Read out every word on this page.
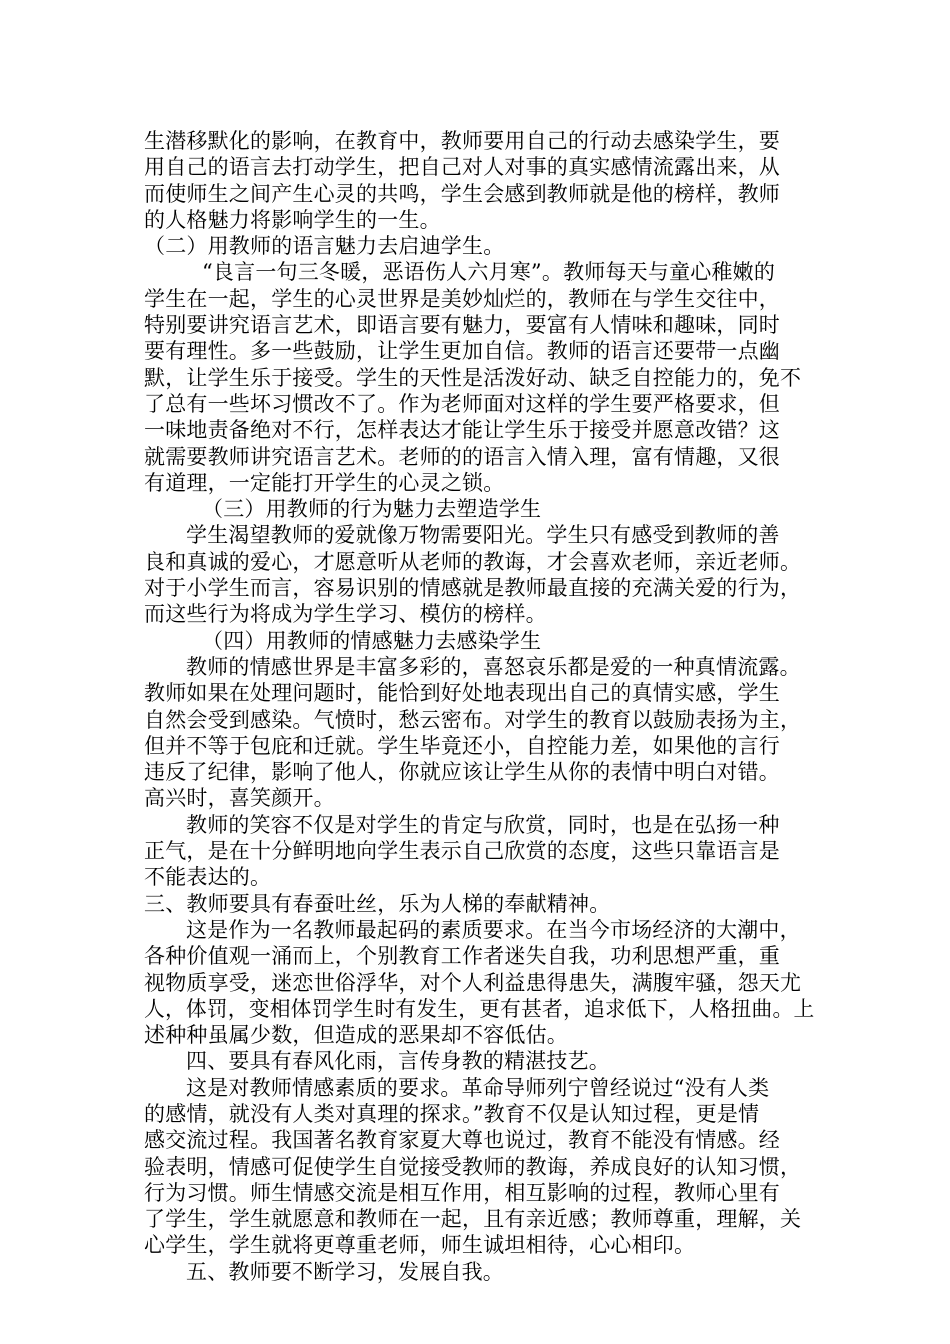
生潜移默化的影响，在教育中，教师要用自己的行动去感染学生，要
用自己的语言去打动学生，把自己对人对事的真实感情流露出来，从
而使师生之间产生心灵的共鸣，学生会感到教师就是他的榜样，教师
的人格魅力将影响学生的一生。
（二）用教师的语言魅力去启迪学生。
“良言一句三冬暖，恶语伤人六月寒”。教师每天与童心稚嫩的
学生在一起，学生的心灵世界是美妙灿烂的，教师在与学生交往中，
特别要讲究语言艺术，即语言要有魅力，要富有人情味和趣味，同时
要有理性。多一些鼓励，让学生更加自信。教师的语言还要带一点幽
默，让学生乐于接受。学生的天性是活泼好动、缺乏自控能力的，免不
了总有一些坏习惯改不了。作为老师面对这样的学生要严格要求，但
一味地责备绝对不行，怎样表达才能让学生乐于接受并愿意改错？这
就需要教师讲究语言艺术。老师的的语言入情入理，富有情趣，又很
有道理，一定能打开学生的心灵之锁。
（三）用教师的行为魅力去塑造学生
学生渴望教师的爱就像万物需要阳光。学生只有感受到教师的善
良和真诚的爱心，才愿意听从老师的教诲，才会喜欢老师，亲近老师。
对于小学生而言，容易识别的情感就是教师最直接的充满关爱的行为，
而这些行为将成为学生学习、模仿的榜样。
（四）用教师的情感魅力去感染学生
教师的情感世界是丰富多彩的，喜怒哀乐都是爱的一种真情流露。
教师如果在处理问题时，能恰到好处地表现出自己的真情实感，学生
自然会受到感染。气愤时，愁云密布。对学生的教育以鼓励表扬为主，
但并不等于包庇和迁就。学生毕竟还小，自控能力差，如果他的言行
违反了纪律，影响了他人，你就应该让学生从你的表情中明白对错。
高兴时，喜笑颜开。
教师的笑容不仅是对学生的肯定与欣赏，同时，也是在弘扬一种
正气，是在十分鲜明地向学生表示自己欣赏的态度，这些只靠语言是
不能表达的。
三、教师要具有春蚕吐丝，乐为人梯的奉献精神。
这是作为一名教师最起码的素质要求。在当今市场经济的大潮中，
各种价值观一涌而上，个别教育工作者迷失自我，功利思想严重，重
视物质享受，迷恋世俗浮华，对个人利益患得患失，满腹牢骚，怨天尤
人，体罚，变相体罚学生时有发生，更有甚者，追求低下，人格扭曲。上
述种种虽属少数，但造成的恶果却不容低估。
四、要具有春风化雨，言传身教的精湛技艺。
这是对教师情感素质的要求。革命导师列宁曾经说过“没有人类
的感情，就没有人类对真理的探求。”教育不仅是认知过程，更是情
感交流过程。我国著名教育家夏大尊也说过，教育不能没有情感。经
验表明，情感可促使学生自觉接受教师的教诲，养成良好的认知习惯，
行为习惯。师生情感交流是相互作用，相互影响的过程，教师心里有
了学生，学生就愿意和教师在一起，且有亲近感；教师尊重，理解，关
心学生，学生就将更尊重老师，师生诚坦相待，心心相印。
五、教师要不断学习，发展自我。
